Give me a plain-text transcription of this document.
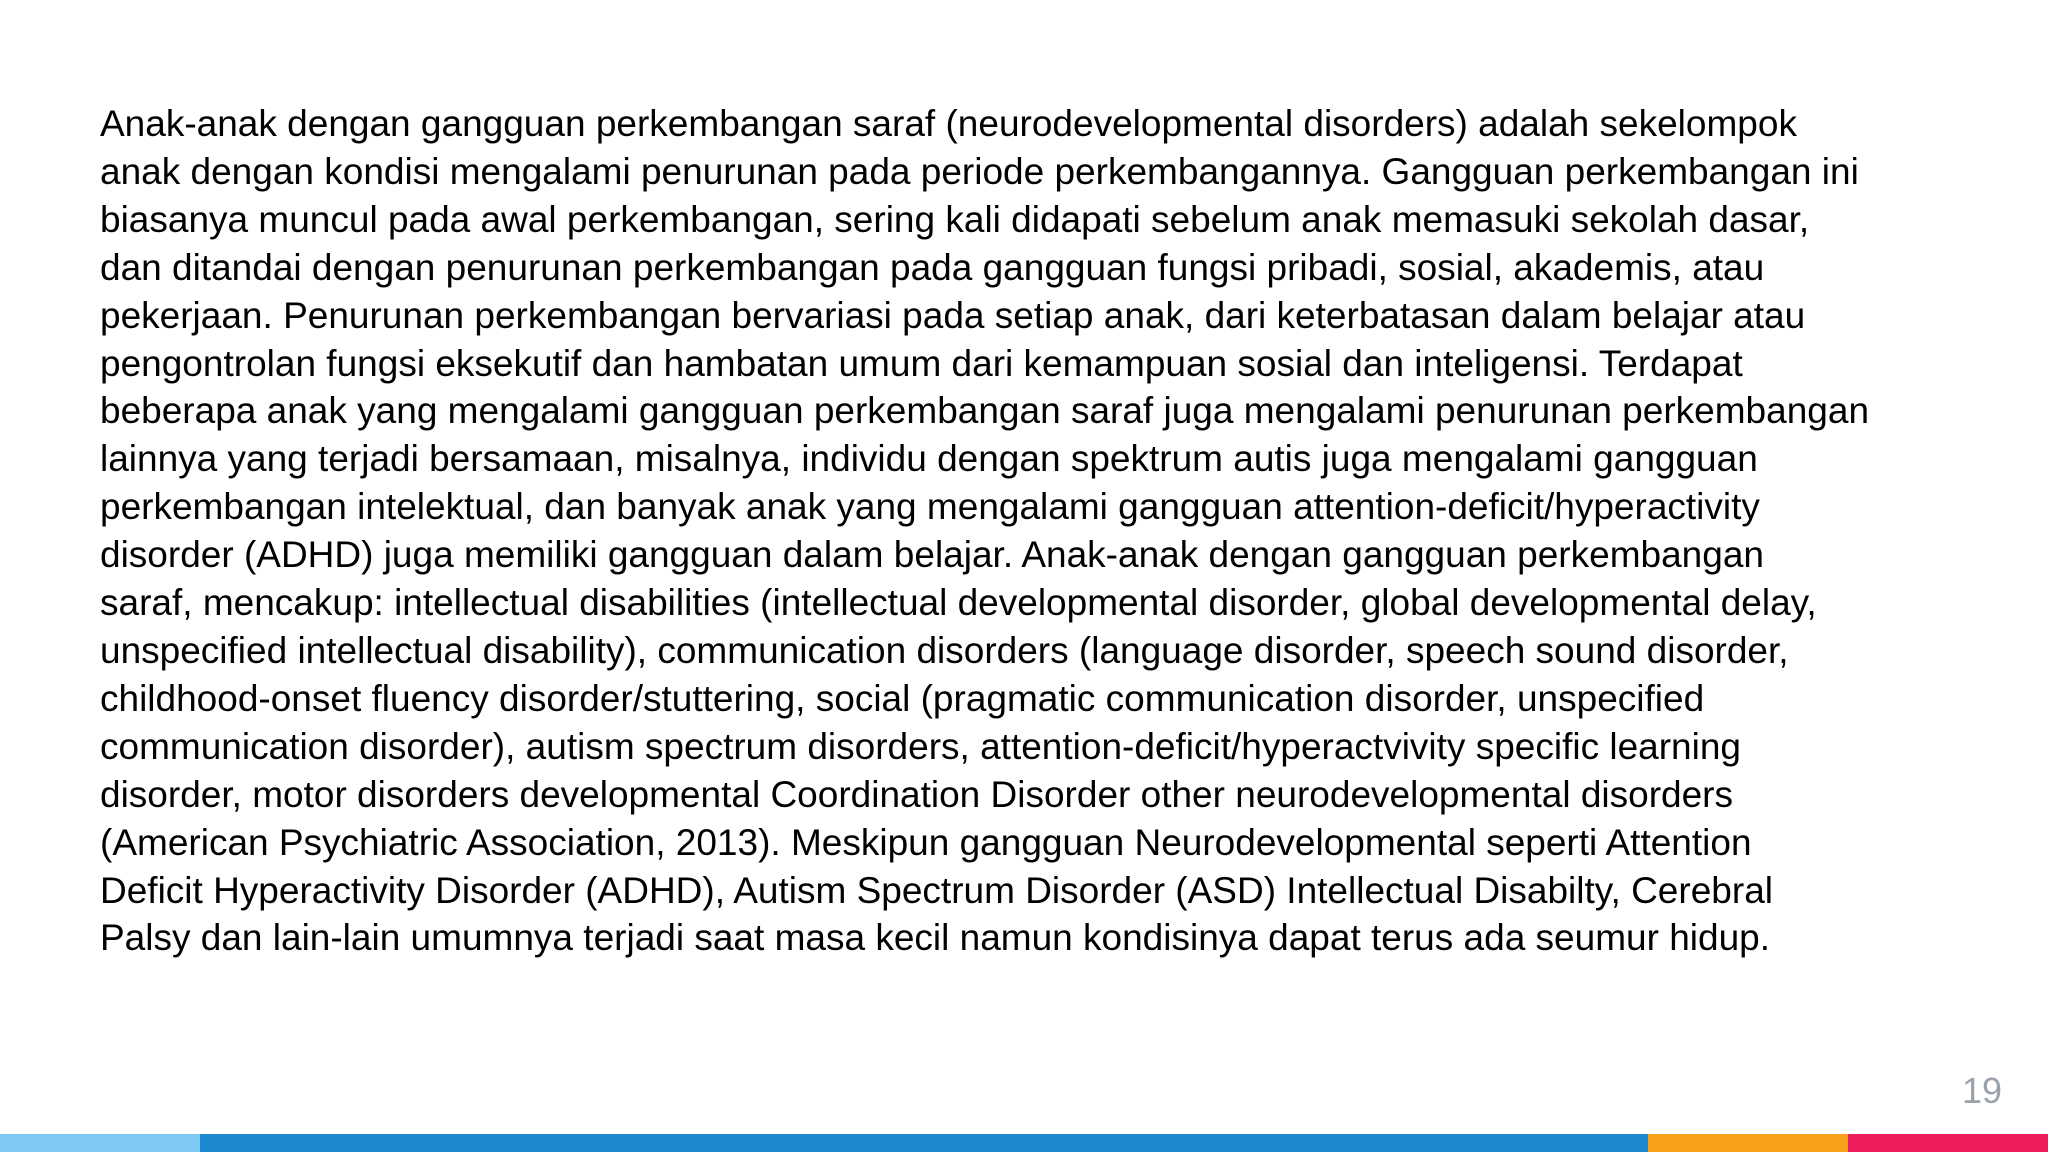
Anak-anak dengan gangguan perkembangan saraf (neurodevelopmental disorders) adalah sekelompok
anak dengan kondisi mengalami penurunan pada periode perkembangannya. Gangguan perkembangan ini
biasanya muncul pada awal perkembangan, sering kali didapati sebelum anak memasuki sekolah dasar,
dan ditandai dengan penurunan perkembangan pada gangguan fungsi pribadi, sosial, akademis, atau
pekerjaan. Penurunan perkembangan bervariasi pada setiap anak, dari keterbatasan dalam belajar atau
pengontrolan fungsi eksekutif dan hambatan umum dari kemampuan sosial dan inteligensi. Terdapat
beberapa anak yang mengalami gangguan perkembangan saraf juga mengalami penurunan perkembangan
lainnya yang terjadi bersamaan, misalnya, individu dengan spektrum autis juga mengalami gangguan
perkembangan intelektual, dan banyak anak yang mengalami gangguan attention-deficit/hyperactivity
disorder (ADHD) juga memiliki gangguan dalam belajar. Anak-anak dengan gangguan perkembangan
saraf, mencakup: intellectual disabilities (intellectual developmental disorder, global developmental delay,
unspecified intellectual disability), communication disorders (language disorder, speech sound disorder,
childhood-onset fluency disorder/stuttering, social (pragmatic communication disorder, unspecified
communication disorder), autism spectrum disorders, attention-deficit/hyperactvivity specific learning
disorder, motor disorders developmental Coordination Disorder other neurodevelopmental disorders
(American Psychiatric Association, 2013). Meskipun gangguan Neurodevelopmental seperti Attention
Deficit Hyperactivity Disorder (ADHD), Autism Spectrum Disorder (ASD) Intellectual Disabilty, Cerebral
Palsy dan lain-lain umumnya terjadi saat masa kecil namun kondisinya dapat terus ada seumur hidup.
19
